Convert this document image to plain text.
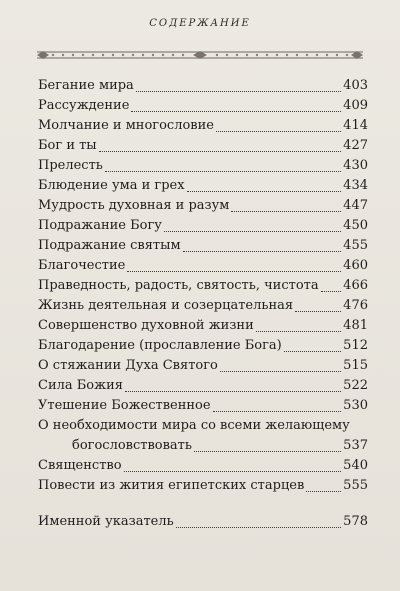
СОДЕРЖАНИЕ
Бегание мира	403
Рассуждение	409
Молчание и многословие	414
Бог и ты	427
Прелесть	430
Блюдение ума и грех	434
Мудрость духовная и разум	447
Подражание Богу	450
Подражание святым	455
Благочестие	460
Праведность, радость, святость, чистота 466
Жизнь деятельная и созерцательная	476
Совершенство духовной жизни	481
Благодарение (прославление Бога)	512
О стяжании Духа Святого	515
Сила Божия	522
Утешение Божественное	530
О необходимости мира со всеми желающему
богословствовать	537
Священство	540
Повести из жития египетских старцев	555
Именной указатель	578
